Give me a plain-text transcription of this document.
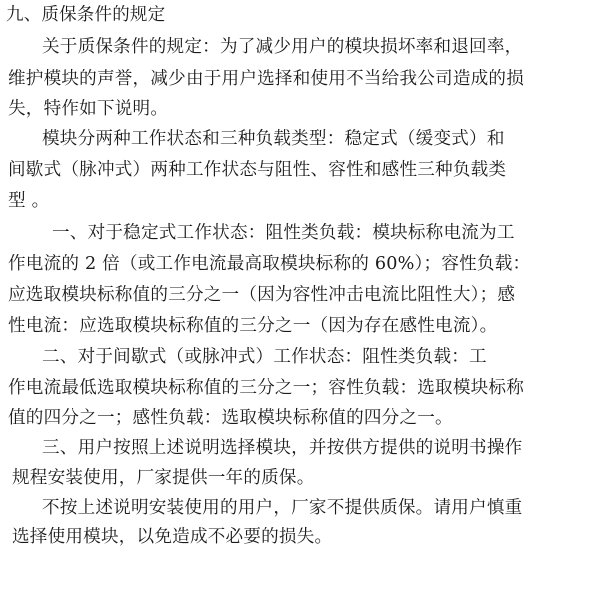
九、质保条件的规定
关于质保条件的规定：为了减少用户的模块损坏率和退回率，
维护模块的声誉，减少由于用户选择和使用不当给我公司造成的损
失，特作如下说明。
模块分两种工作状态和三种负载类型：稳定式（缓变式）和
间歇式（脉冲式）两种工作状态与阻性、容性和感性三种负载类
型 。
一、对于稳定式工作状态：阻性类负载：模块标称电流为工
作电流的 2 倍（或工作电流最高取模块标称的 60%）；容性负载：
应选取模块标称值的三分之一（因为容性冲击电流比阻性大）；感
性电流：应选取模块标称值的三分之一（因为存在感性电流）。
二、对于间歇式（或脉冲式）工作状态：阻性类负载：工
作电流最低选取模块标称值的三分之一；容性负载：选取模块标称
值的四分之一；感性负载：选取模块标称值的四分之一。
三、用户按照上述说明选择模块，并按供方提供的说明书操作
规程安装使用，厂家提供一年的质保。
不按上述说明安装使用的用户，厂家不提供质保。请用户慎重
选择使用模块，以免造成不必要的损失。
